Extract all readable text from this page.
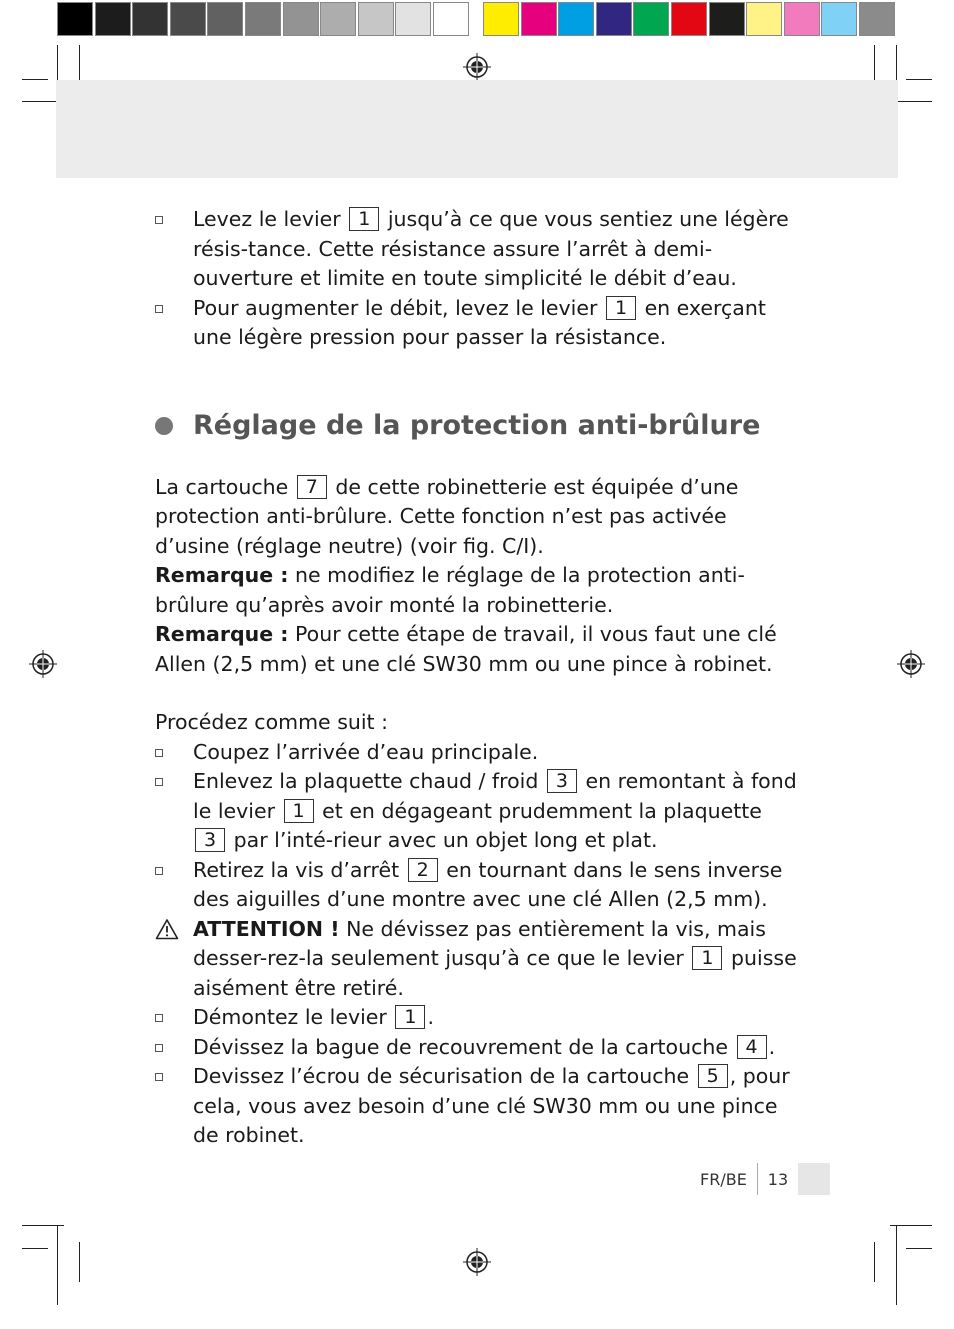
Levez le levier 1 jusqu’à ce que vous sentiez une légère résis-tance. Cette résistance assure l’arrêt à demi-ouverture et limite en toute simplicité le débit d’eau.
Pour augmenter le débit, levez le levier 1 en exerçant une légère pression pour passer la résistance.
Réglage de la protection anti-brûlure

La cartouche 7 de cette robinetterie est équipée d’une protection anti-brûlure. Cette fonction n’est pas activée d’usine (réglage neutre) (voir fig. C/I).

Remarque : ne modifiez le réglage de la protection anti-brûlure qu’après avoir monté la robinetterie.

Remarque : Pour cette étape de travail, il vous faut une clé Allen (2,5 mm) et une clé SW30 mm ou une pince à robinet.

Procédez comme suit :

Coupez l’arrivée d’eau principale.
Enlevez la plaquette chaud / froid 3 en remontant à fond le levier 1 et en dégageant prudemment la plaquette 3 par l’inté-rieur avec un objet long et plat.
Retirez la vis d’arrêt 2 en tournant dans le sens inverse des aiguilles d’une montre avec une clé Allen (2,5 mm).
ATTENTION ! Ne dévissez pas entièrement la vis, mais desser-rez-la seulement jusqu’à ce que le levier 1 puisse aisément être retiré.
Démontez le levier 1 .
Dévissez la bague de recouvrement de la cartouche 4 .
Devissez l’écrou de sécurisation de la cartouche 5 , pour cela, vous avez besoin d’une clé SW30 mm ou une pince de robinet.
FR/BE 13
